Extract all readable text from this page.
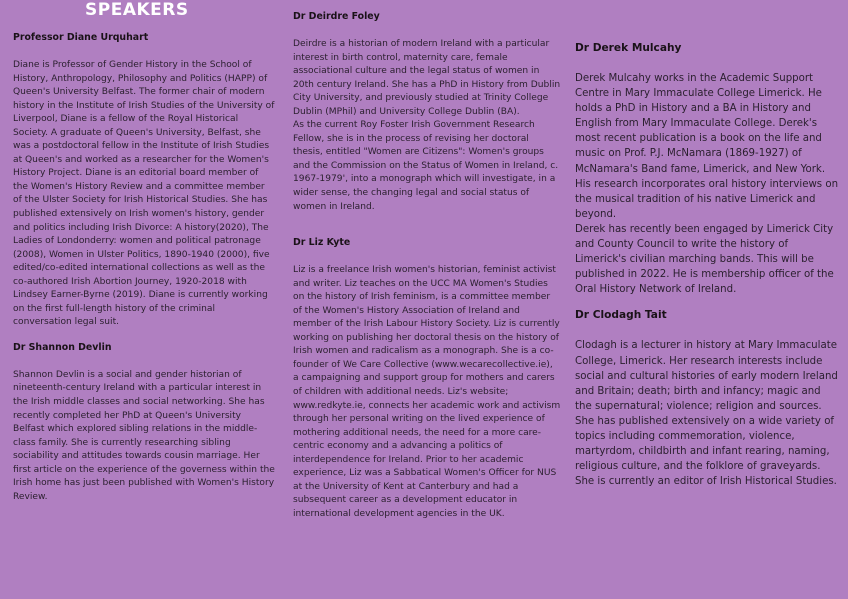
SPEAKERS
Professor Diane Urquhart

Diane is Professor of Gender History in the School of History, Anthropology, Philosophy and Politics (HAPP) of Queen's University Belfast. The former chair of modern history in the Institute of Irish Studies of the University of Liverpool, Diane is a fellow of the Royal Historical Society. A graduate of Queen's University, Belfast, she was a postdoctoral fellow in the Institute of Irish Studies at Queen's and worked as a researcher for the Women's History Project. Diane is an editorial board member of the Women's History Review and a committee member of the Ulster Society for Irish Historical Studies. She has published extensively on Irish women's history, gender and politics including Irish Divorce: A history(2020), The Ladies of Londonderry: women and political patronage (2008), Women in Ulster Politics, 1890-1940 (2000), five edited/co-edited international collections as well as the co-authored Irish Abortion Journey, 1920-2018 with Lindsey Earner-Byrne (2019). Diane is currently working on the first full-length history of the criminal conversation legal suit.

Dr Shannon Devlin

Shannon Devlin is a social and gender historian of nineteenth-century Ireland with a particular interest in the Irish middle classes and social networking. She has recently completed her PhD at Queen's University Belfast which explored sibling relations in the middle-class family. She is currently researching sibling sociability and attitudes towards cousin marriage. Her first article on the experience of the governess within the Irish home has just been published with Women's History Review.

Dr Deirdre Foley

Deirdre is a historian of modern Ireland with a particular interest in birth control, maternity care, female associational culture and the legal status of women in 20th century Ireland. She has a PhD in History from Dublin City University, and previously studied at Trinity College Dublin (MPhil) and University College Dublin (BA).

As the current Roy Foster Irish Government Research Fellow, she is in the process of revising her doctoral thesis, entitled "Women are Citizens": Women's groups and the Commission on the Status of Women in Ireland, c. 1967-1979', into a monograph which will investigate, in a wider sense, the changing legal and social status of women in Ireland.

Dr Liz Kyte

Liz is a freelance Irish women's historian, feminist activist and writer. Liz teaches on the UCC MA Women's Studies on the history of Irish feminism, is a committee member of the Women's History Association of Ireland and member of the Irish Labour History Society. Liz is currently working on publishing her doctoral thesis on the history of Irish women and radicalism as a monograph. She is a co-founder of We Care Collective (www.wecarecollective.ie), a campaigning and support group for mothers and carers of children with additional needs. Liz's website; www.redkyte.ie, connects her academic work and activism through her personal writing on the lived experience of mothering additional needs, the need for a more care-centric economy and a advancing a politics of interdependence for Ireland. Prior to her academic experience, Liz was a Sabbatical Women's Officer for NUS at the University of Kent at Canterbury and had a subsequent career as a development educator in international development agencies in the UK.

Dr Derek Mulcahy

Derek Mulcahy works in the Academic Support Centre in Mary Immaculate College Limerick. He holds a PhD in History and a BA in History and English from Mary Immaculate College. Derek's most recent publication is a book on the life and music on Prof. P.J. McNamara (1869-1927) of McNamara's Band fame, Limerick, and New York. His research incorporates oral history interviews on the musical tradition of his native Limerick and beyond.

Derek has recently been engaged by Limerick City and County Council to write the history of Limerick's civilian marching bands. This will be published in 2022. He is membership officer of the Oral History Network of Ireland.

Dr Clodagh Tait

Clodagh is a lecturer in history at Mary Immaculate College, Limerick. Her research interests include social and cultural histories of early modern Ireland and Britain; death; birth and infancy; magic and the supernatural; violence; religion and sources. She has published extensively on a wide variety of topics including commemoration, violence, martyrdom, childbirth and infant rearing, naming, religious culture, and the folklore of graveyards. She is currently an editor of Irish Historical Studies.
